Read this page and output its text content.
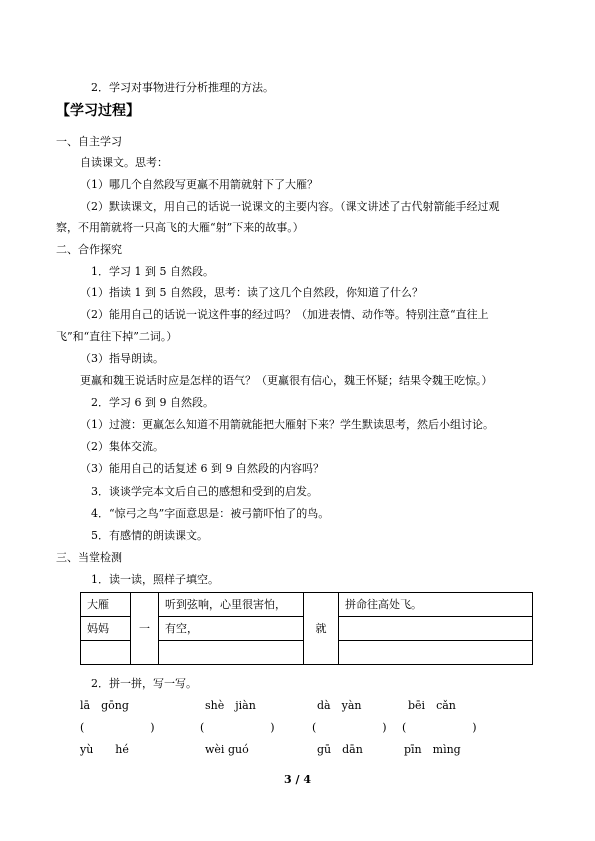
2．学习对事物进行分析推理的方法。
【学习过程】
一、自主学习
自读课文。思考：
（1）哪几个自然段写更羸不用箭就射下了大雁？
（2）默读课文，用自己的话说一说课文的主要内容。（课文讲述了古代射箭能手经过观
察，不用箭就将一只高飞的大雁“射”下来的故事。）
二、合作探究
1．学习 1 到 5 自然段。
（1）指读 1 到 5 自然段，思考：读了这几个自然段，你知道了什么？
（2）能用自己的话说一说这件事的经过吗？（加进表情、动作等。特别注意“直往上
飞”和“直往下掉”二词。）
（3）指导朗读。
更羸和魏王说话时应是怎样的语气？（更羸很有信心，魏王怀疑；结果令魏王吃惊。）
2．学习 6 到 9 自然段。
（1）过渡：更羸怎么知道不用箭就能把大雁射下来？学生默读思考，然后小组讨论。
（2）集体交流。
（3）能用自己的话复述 6 到 9 自然段的内容吗？
3．谈谈学完本文后自己的感想和受到的启发。
4．“惊弓之鸟”字面意思是：被弓箭吓怕了的鸟。
5．有感情的朗读课文。
三、当堂检测
1．读一读，照样子填空。
大雁	一	听到弦响，心里很害怕，	就	拼命往高处飞。
妈妈		有空，		

2．拼一拼，写一写。
lā　gōng	shè　jiàn	dà　yàn	bēi　cǎn
(　　　　　　)	(　　　　　　)	(　　　　　　) (　　　　　　)
yù　　hé	wèi guó	gū　dān	pīn　mìng
3 / 4
